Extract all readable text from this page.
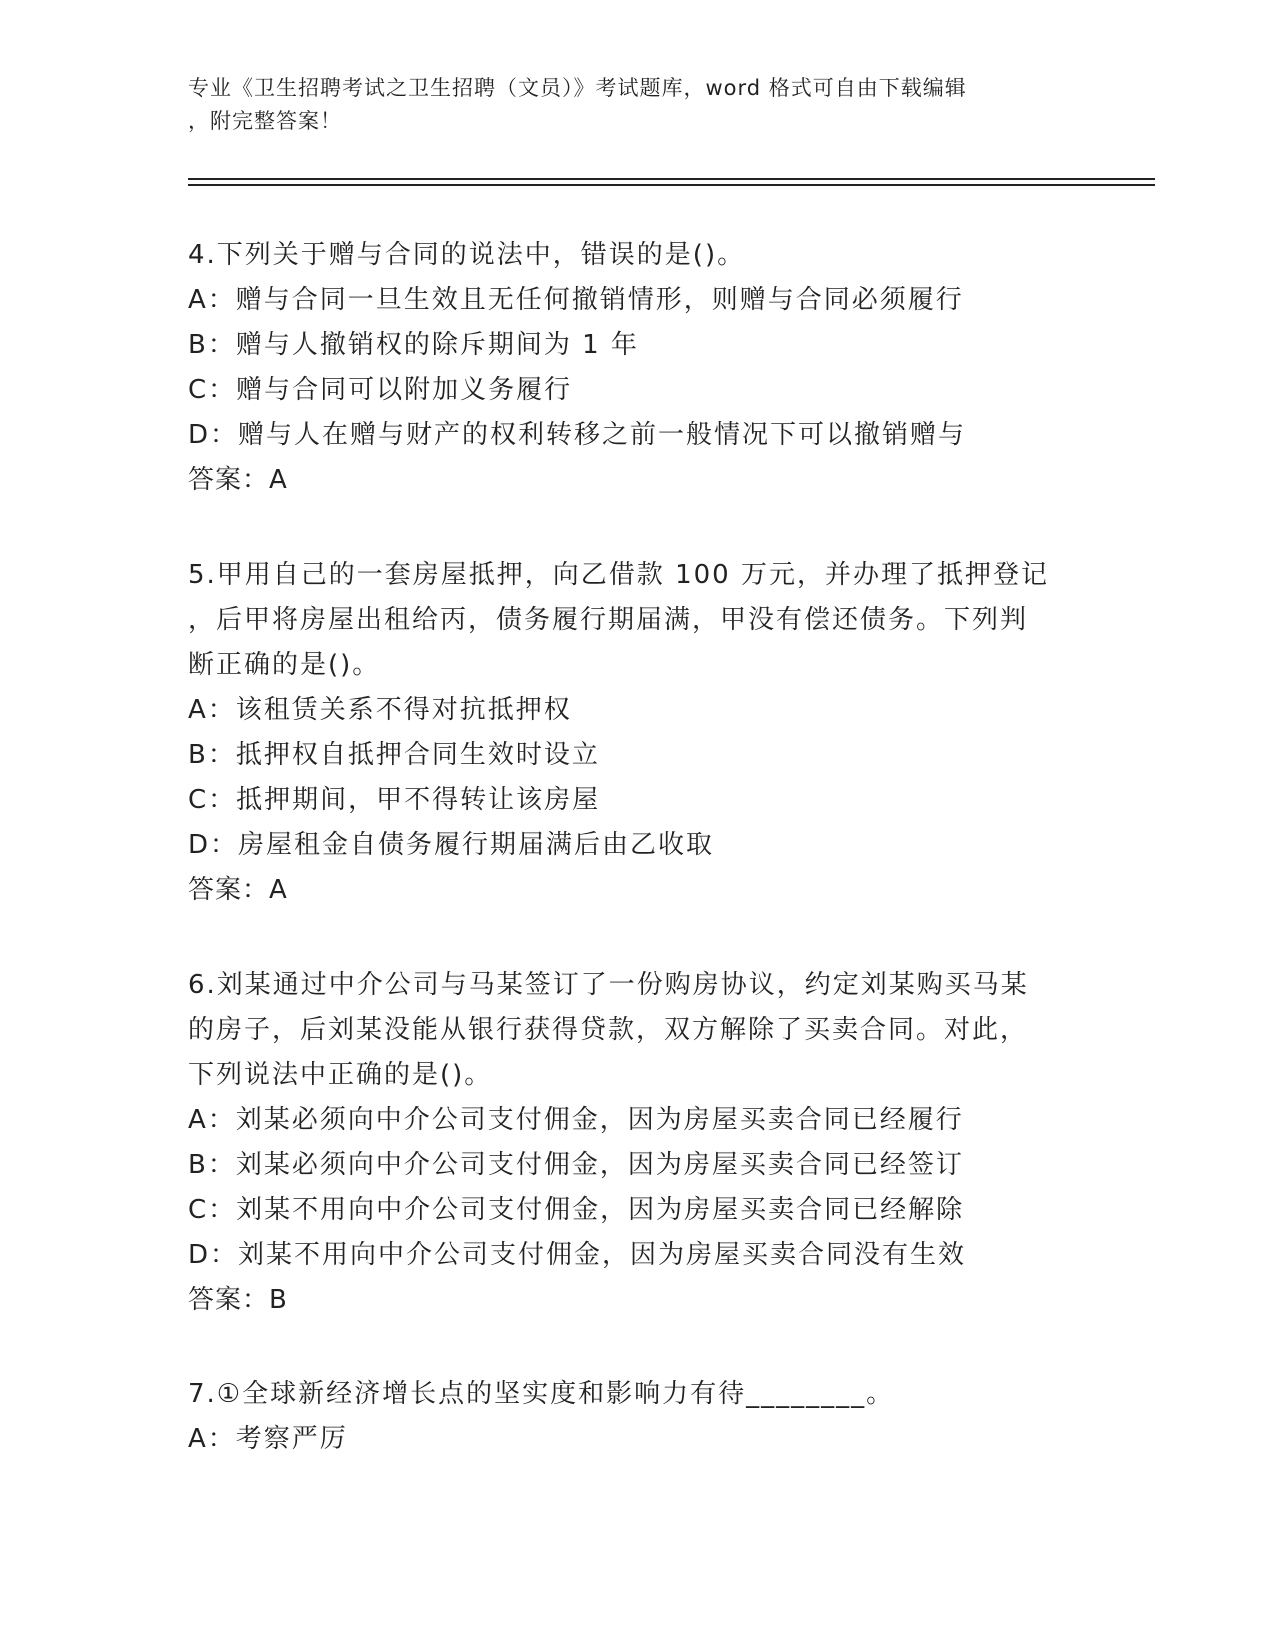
专业《卫生招聘考试之卫生招聘（文员）》考试题库，word 格式可自由下载编辑
，附完整答案！

4.下列关于赠与合同的说法中，错误的是()。

A：赠与合同一旦生效且无任何撤销情形，则赠与合同必须履行

B：赠与人撤销权的除斥期间为 1 年

C：赠与合同可以附加义务履行

D：赠与人在赠与财产的权利转移之前一般情况下可以撤销赠与

答案：A

5.甲用自己的一套房屋抵押，向乙借款 100 万元，并办理了抵押登记

，后甲将房屋出租给丙，债务履行期届满，甲没有偿还债务。下列判

断正确的是()。

A：该租赁关系不得对抗抵押权

B：抵押权自抵押合同生效时设立

C：抵押期间，甲不得转让该房屋

D：房屋租金自债务履行期届满后由乙收取

答案：A

6.刘某通过中介公司与马某签订了一份购房协议，约定刘某购买马某

的房子，后刘某没能从银行获得贷款，双方解除了买卖合同。对此，

下列说法中正确的是()。

A：刘某必须向中介公司支付佣金，因为房屋买卖合同已经履行

B：刘某必须向中介公司支付佣金，因为房屋买卖合同已经签订

C：刘某不用向中介公司支付佣金，因为房屋买卖合同已经解除

D：刘某不用向中介公司支付佣金，因为房屋买卖合同没有生效

答案：B

7.①全球新经济增长点的坚实度和影响力有待________。

A：考察严厉
